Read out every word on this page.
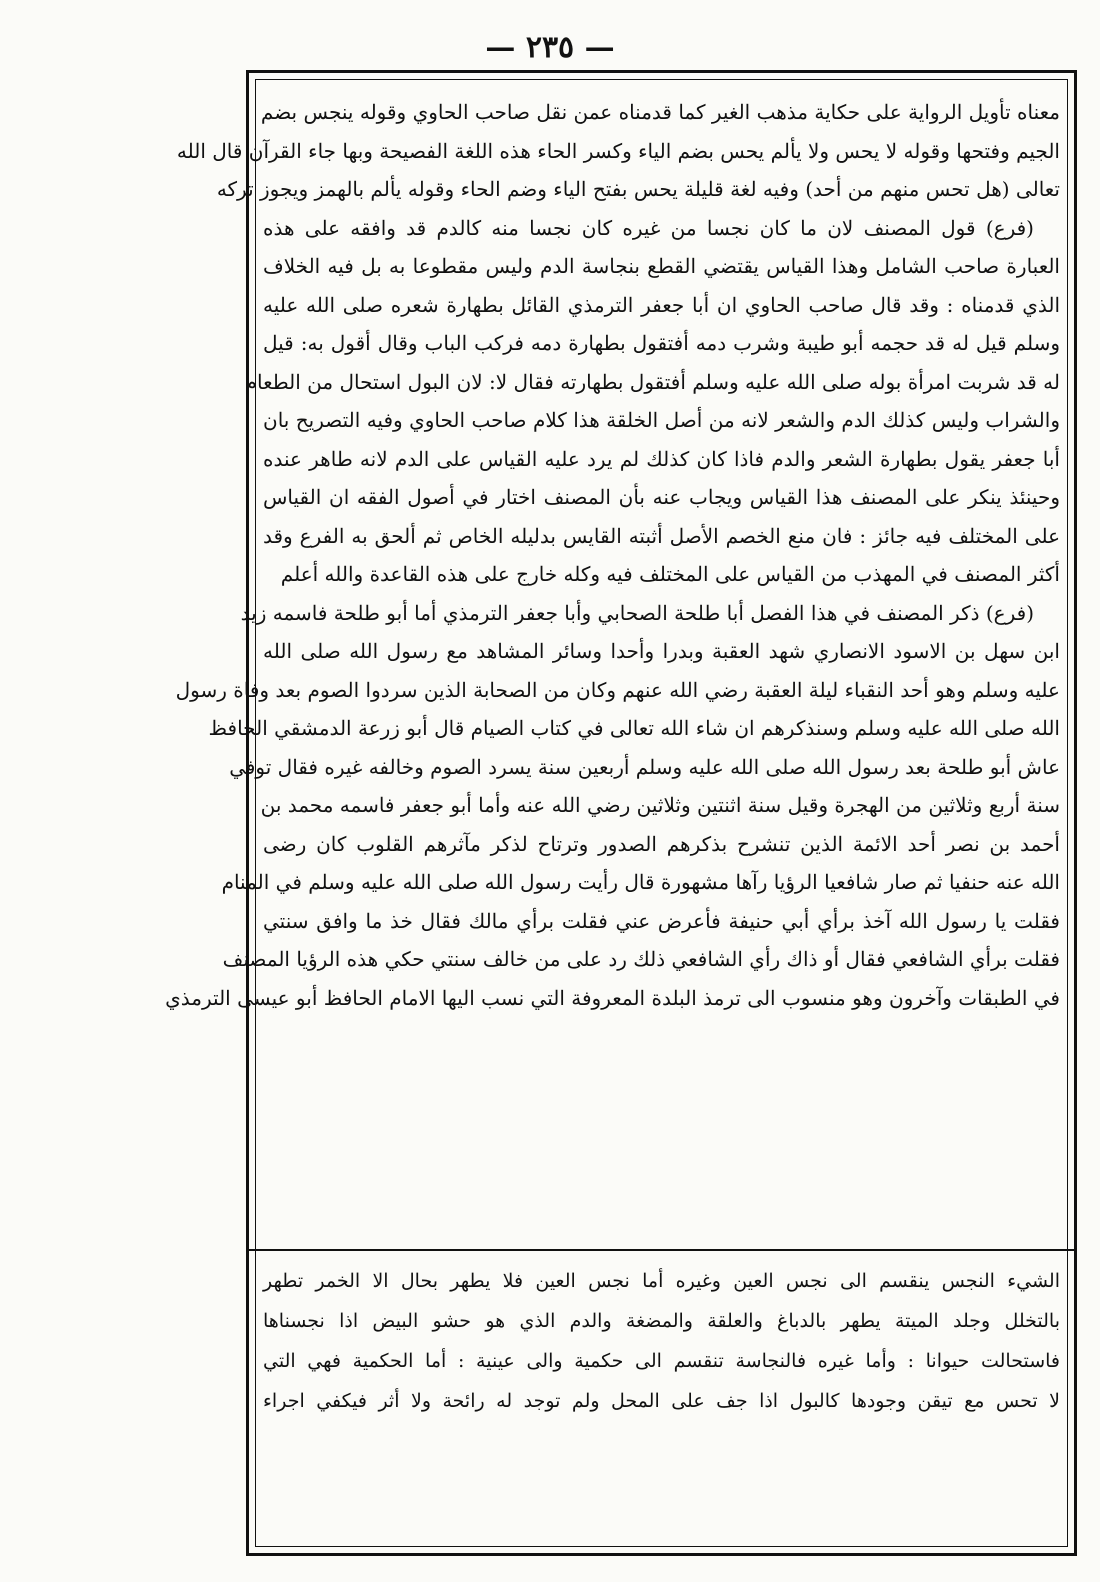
— ٢٣٥ —
معناه تأويل الرواية على حكاية مذهب الغير كما قدمناه عمن نقل صاحب الحاوي وقوله ينجس بضم
الجيم وفتحها وقوله لا يحس ولا يألم يحس بضم الياء وكسر الحاء هذه اللغة الفصيحة وبها جاء القرآن قال الله
تعالى (هل تحس منهم من أحد) وفيه لغة قليلة يحس بفتح الياء وضم الحاء وقوله يألم بالهمز ويجوز تركه
(فرع) قول المصنف لان ما كان نجسا من غيره كان نجسا منه كالدم قد وافقه على هذه
العبارة صاحب الشامل وهذا القياس يقتضي القطع بنجاسة الدم وليس مقطوعا به بل فيه الخلاف
الذي قدمناه : وقد قال صاحب الحاوي ان أبا جعفر الترمذي القائل بطهارة شعره صلى الله عليه
وسلم قيل له قد حجمه أبو طيبة وشرب دمه أفتقول بطهارة دمه فركب الباب وقال أقول به: قيل
له قد شربت امرأة بوله صلى الله عليه وسلم أفتقول بطهارته فقال لا: لان البول استحال من الطعام
والشراب وليس كذلك الدم والشعر لانه من أصل الخلقة هذا كلام صاحب الحاوي وفيه التصريح بان
أبا جعفر يقول بطهارة الشعر والدم فاذا كان كذلك لم يرد عليه القياس على الدم لانه طاهر عنده
وحينئذ ينكر على المصنف هذا القياس ويجاب عنه بأن المصنف اختار في أصول الفقه ان القياس
على المختلف فيه جائز : فان منع الخصم الأصل أثبته القايس بدليله الخاص ثم ألحق به الفرع وقد
أكثر المصنف في المهذب من القياس على المختلف فيه وكله خارج على هذه القاعدة والله أعلم
(فرع) ذكر المصنف في هذا الفصل أبا طلحة الصحابي وأبا جعفر الترمذي أما أبو طلحة فاسمه زيد
ابن سهل بن الاسود الانصاري شهد العقبة وبدرا وأحدا وسائر المشاهد مع رسول الله صلى الله
عليه وسلم وهو أحد النقباء ليلة العقبة رضي الله عنهم وكان من الصحابة الذين سردوا الصوم بعد وفاة رسول
الله صلى الله عليه وسلم وسنذكرهم ان شاء الله تعالى في كتاب الصيام قال أبو زرعة الدمشقي الحافظ
عاش أبو طلحة بعد رسول الله صلى الله عليه وسلم أربعين سنة يسرد الصوم وخالفه غيره فقال توفي
سنة أربع وثلاثين من الهجرة وقيل سنة اثنتين وثلاثين رضي الله عنه وأما أبو جعفر فاسمه محمد بن
أحمد بن نصر أحد الائمة الذين تنشرح بذكرهم الصدور وترتاح لذكر مآثرهم القلوب كان رضى
الله عنه حنفيا ثم صار شافعيا الرؤيا رآها مشهورة قال رأيت رسول الله صلى الله عليه وسلم في المنام
فقلت يا رسول الله آخذ برأي أبي حنيفة فأعرض عني فقلت برأي مالك فقال خذ ما وافق سنتي
فقلت برأي الشافعي فقال أو ذاك رأي الشافعي ذلك رد على من خالف سنتي حكي هذه الرؤيا المصنف
في الطبقات وآخرون وهو منسوب الى ترمذ البلدة المعروفة التي نسب اليها الامام الحافظ أبو عيسى الترمذي
الشيء النجس ينقسم الى نجس العين وغيره أما نجس العين فلا يطهر بحال الا الخمر تطهر
بالتخلل وجلد الميتة يطهر بالدباغ والعلقة والمضغة والدم الذي هو حشو البيض اذا نجسناها
فاستحالت حيوانا : وأما غيره فالنجاسة تنقسم الى حكمية والى عينية : أما الحكمية فهي التي
لا تحس مع تيقن وجودها كالبول اذا جف على المحل ولم توجد له رائحة ولا أثر فيكفي اجراء
